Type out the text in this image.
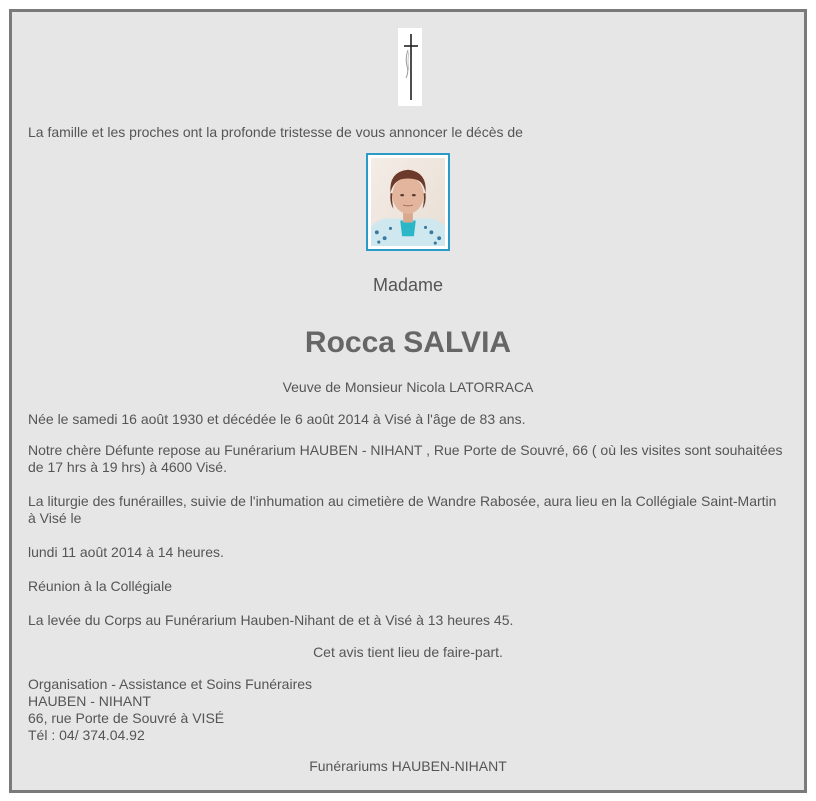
La famille et les proches ont la profonde tristesse de vous annoncer le décès de
Madame
Rocca SALVIA
Veuve de Monsieur Nicola LATORRACA
Née le samedi 16 août 1930 et décédée le 6 août 2014 à Visé à l'âge de 83 ans.
Notre chère Défunte repose au Funérarium HAUBEN - NIHANT , Rue Porte de Souvré, 66 ( où les visites sont souhaitées de 17 hrs à 19 hrs) à 4600 Visé.
La liturgie des funérailles, suivie de l'inhumation au cimetière de Wandre Rabosée, aura lieu en la Collégiale Saint-Martin à Visé le
lundi 11 août 2014 à 14 heures.
Réunion à la Collégiale
La levée du Corps au Funérarium Hauben-Nihant de et à Visé à 13 heures 45.
Cet avis tient lieu de faire-part.
Organisation - Assistance et Soins Funéraires
HAUBEN - NIHANT
66, rue Porte de Souvré à VISÉ
Tél : 04/ 374.04.92
Funérariums HAUBEN-NIHANT
